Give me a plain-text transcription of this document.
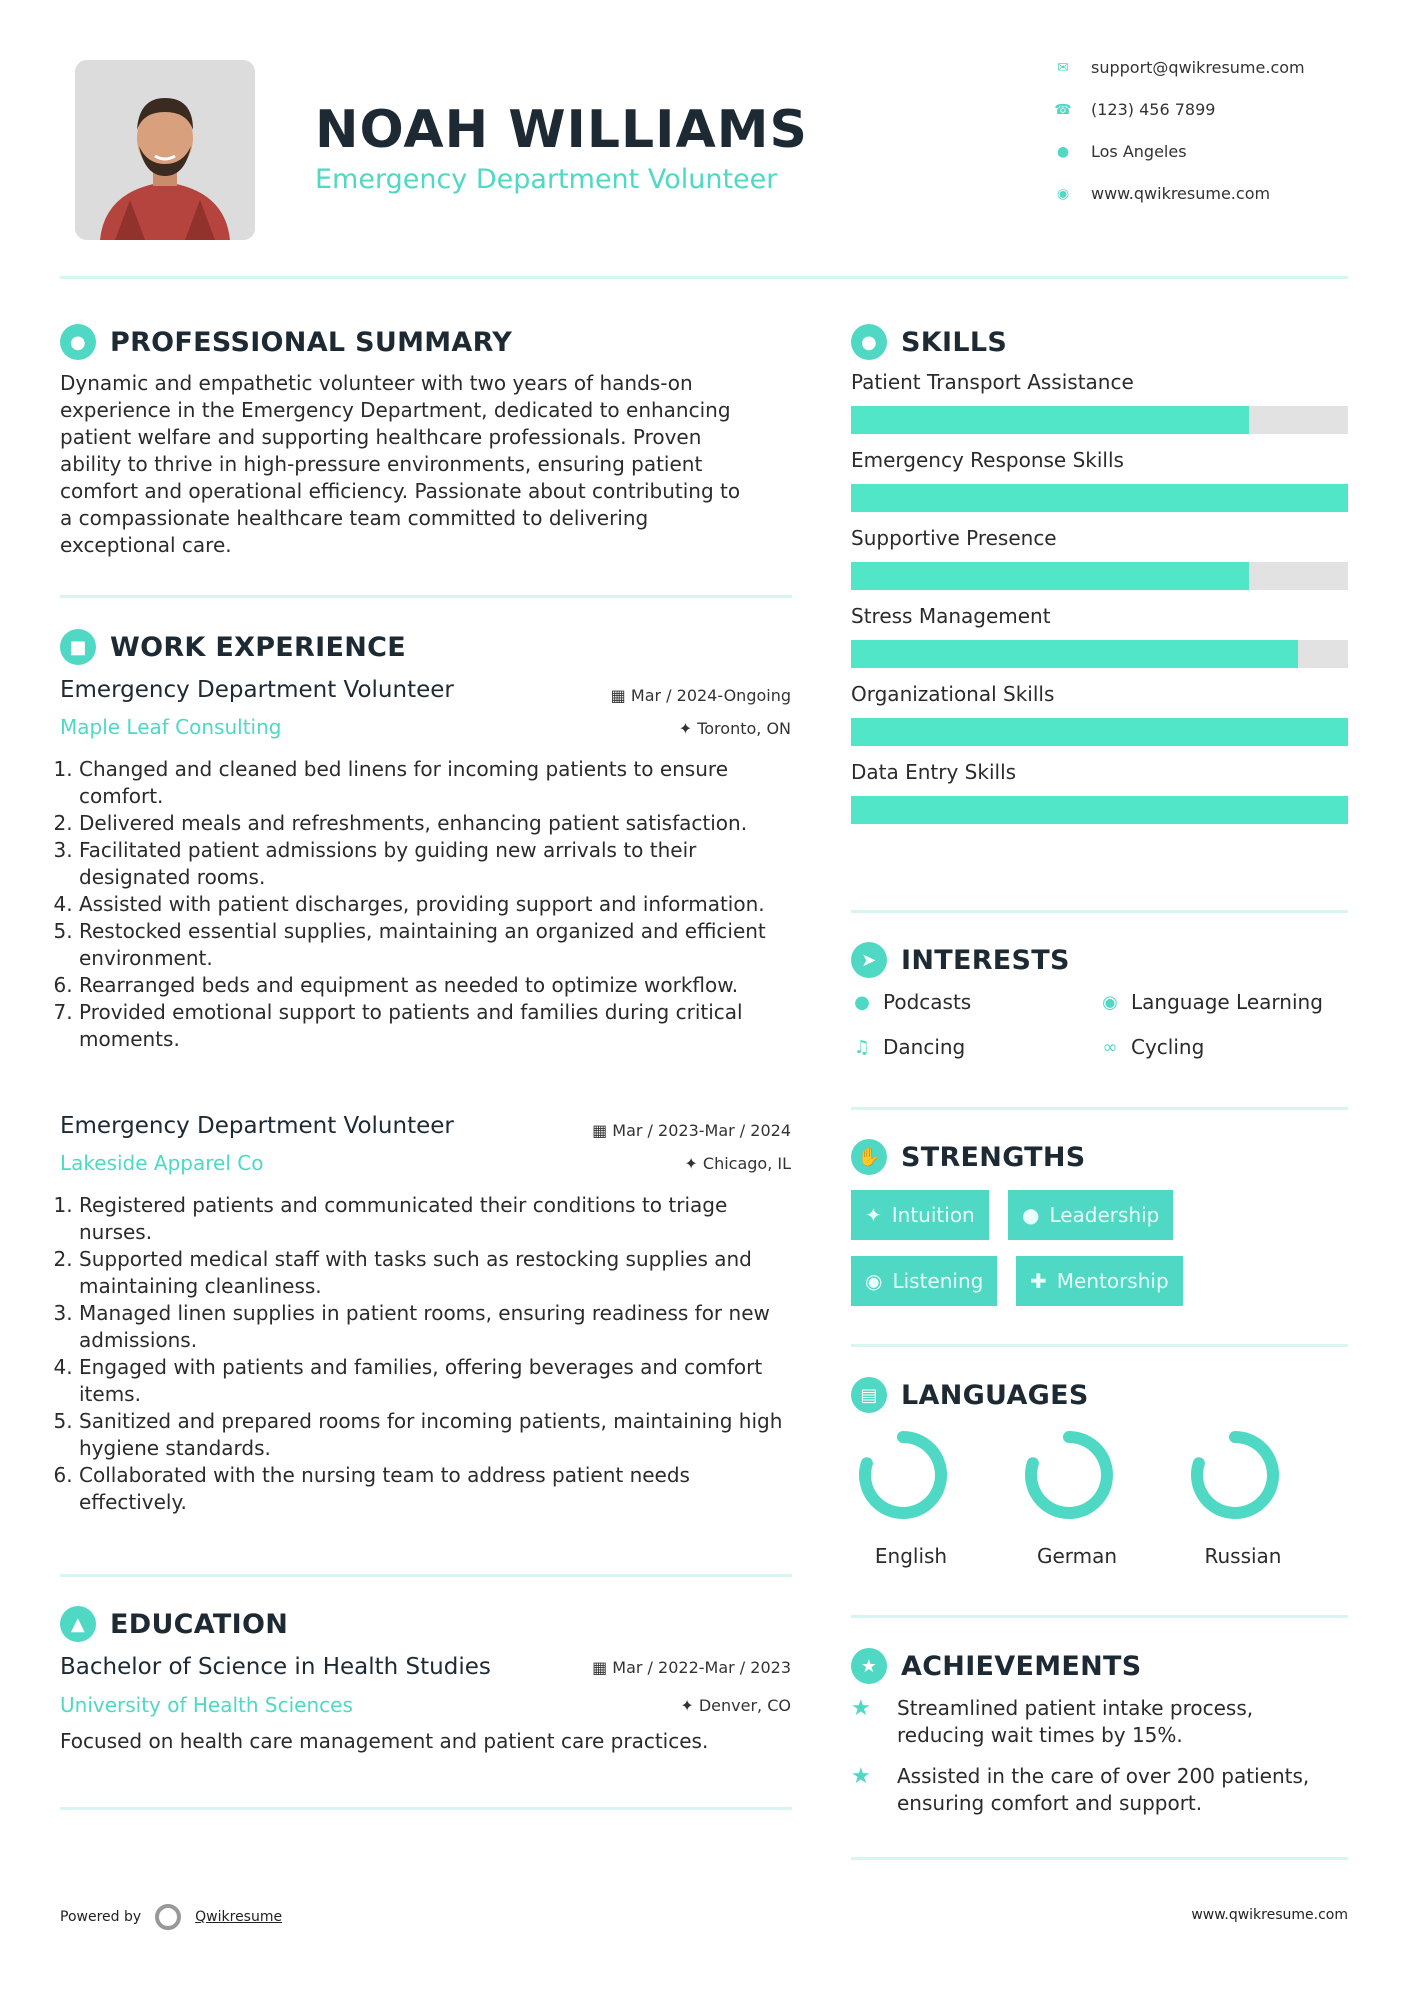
NOAH WILLIAMS
Emergency Department Volunteer
✉ support@qwikresume.com
☎ (123) 456 7899
● Los Angeles
◉ www.qwikresume.com
● PROFESSIONAL SUMMARY
Dynamic and empathetic volunteer with two years of hands-on
experience in the Emergency Department, dedicated to enhancing
patient welfare and supporting healthcare professionals. Proven
ability to thrive in high-pressure environments, ensuring patient
comfort and operational efficiency. Passionate about contributing to
a compassionate healthcare team committed to delivering
exceptional care.
■ WORK EXPERIENCE
Emergency Department Volunteer
Maple Leaf Consulting
▦ Mar / 2024-Ongoing
✦ Toronto, ON
1. Changed and cleaned bed linens for incoming patients to ensure comfort.
2. Delivered meals and refreshments, enhancing patient satisfaction.
3. Facilitated patient admissions by guiding new arrivals to their designated rooms.
4. Assisted with patient discharges, providing support and information.
5. Restocked essential supplies, maintaining an organized and efficient environment.
6. Rearranged beds and equipment as needed to optimize workflow.
7. Provided emotional support to patients and families during critical moments.
Emergency Department Volunteer
Lakeside Apparel Co
▦ Mar / 2023-Mar / 2024
✦ Chicago, IL
1. Registered patients and communicated their conditions to triage nurses.
2. Supported medical staff with tasks such as restocking supplies and maintaining cleanliness.
3. Managed linen supplies in patient rooms, ensuring readiness for new admissions.
4. Engaged with patients and families, offering beverages and comfort items.
5. Sanitized and prepared rooms for incoming patients, maintaining high hygiene standards.
6. Collaborated with the nursing team to address patient needs effectively.
▲ EDUCATION
Bachelor of Science in Health Studies
University of Health Sciences
▦ Mar / 2022-Mar / 2023
✦ Denver, CO
Focused on health care management and patient care practices.
● SKILLS
Patient Transport Assistance
Emergency Response Skills
Supportive Presence
Stress Management
Organizational Skills
Data Entry Skills
➤ INTERESTS
● Podcasts	◉ Language Learning
♫ Dancing	∞ Cycling
✋ STRENGTHS
✦ Intuition ● Leadership
◉ Listening ✚ Mentorship
▤ LANGUAGES
English	German	Russian
★ ACHIEVEMENTS
★	Streamlined patient intake process,
reducing wait times by 15%.
★	Assisted in the care of over 200 patients,
ensuring comfort and support.
Powered by	Qwikresume	www.qwikresume.com
